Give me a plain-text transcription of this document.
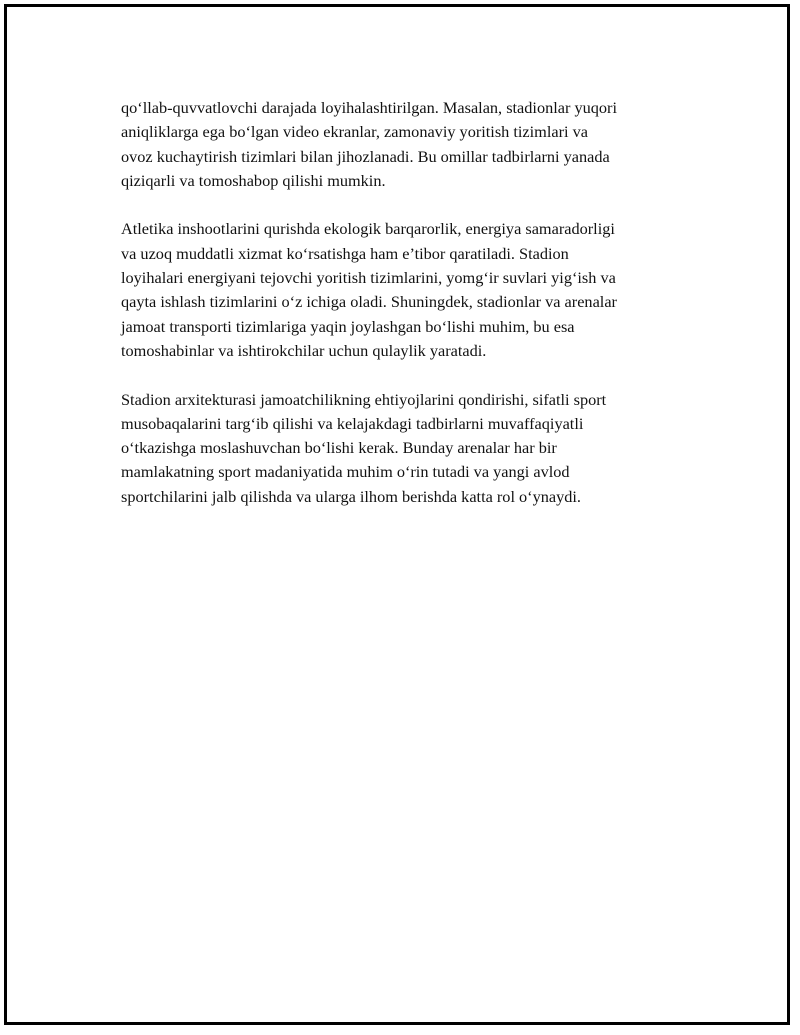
qo‘llab-quvvatlovchi darajada loyihalashtirilgan. Masalan, stadionlar yuqori
aniqliklarga ega bo‘lgan video ekranlar, zamonaviy yoritish tizimlari va
ovoz kuchaytirish tizimlari bilan jihozlanadi. Bu omillar tadbirlarni yanada
qiziqarli va tomoshabop qilishi mumkin.

Atletika inshootlarini qurishda ekologik barqarorlik, energiya samaradorligi
va uzoq muddatli xizmat ko‘rsatishga ham e’tibor qaratiladi. Stadion
loyihalari energiyani tejovchi yoritish tizimlarini, yomg‘ir suvlari yig‘ish va
qayta ishlash tizimlarini o‘z ichiga oladi. Shuningdek, stadionlar va arenalar
jamoat transporti tizimlariga yaqin joylashgan bo‘lishi muhim, bu esa
tomoshabinlar va ishtirokchilar uchun qulaylik yaratadi.

Stadion arxitekturasi jamoatchilikning ehtiyojlarini qondirishi, sifatli sport
musobaqalarini targ‘ib qilishi va kelajakdagi tadbirlarni muvaffaqiyatli
o‘tkazishga moslashuvchan bo‘lishi kerak. Bunday arenalar har bir
mamlakatning sport madaniyatida muhim o‘rin tutadi va yangi avlod
sportchilarini jalb qilishda va ularga ilhom berishda katta rol o‘ynaydi.
